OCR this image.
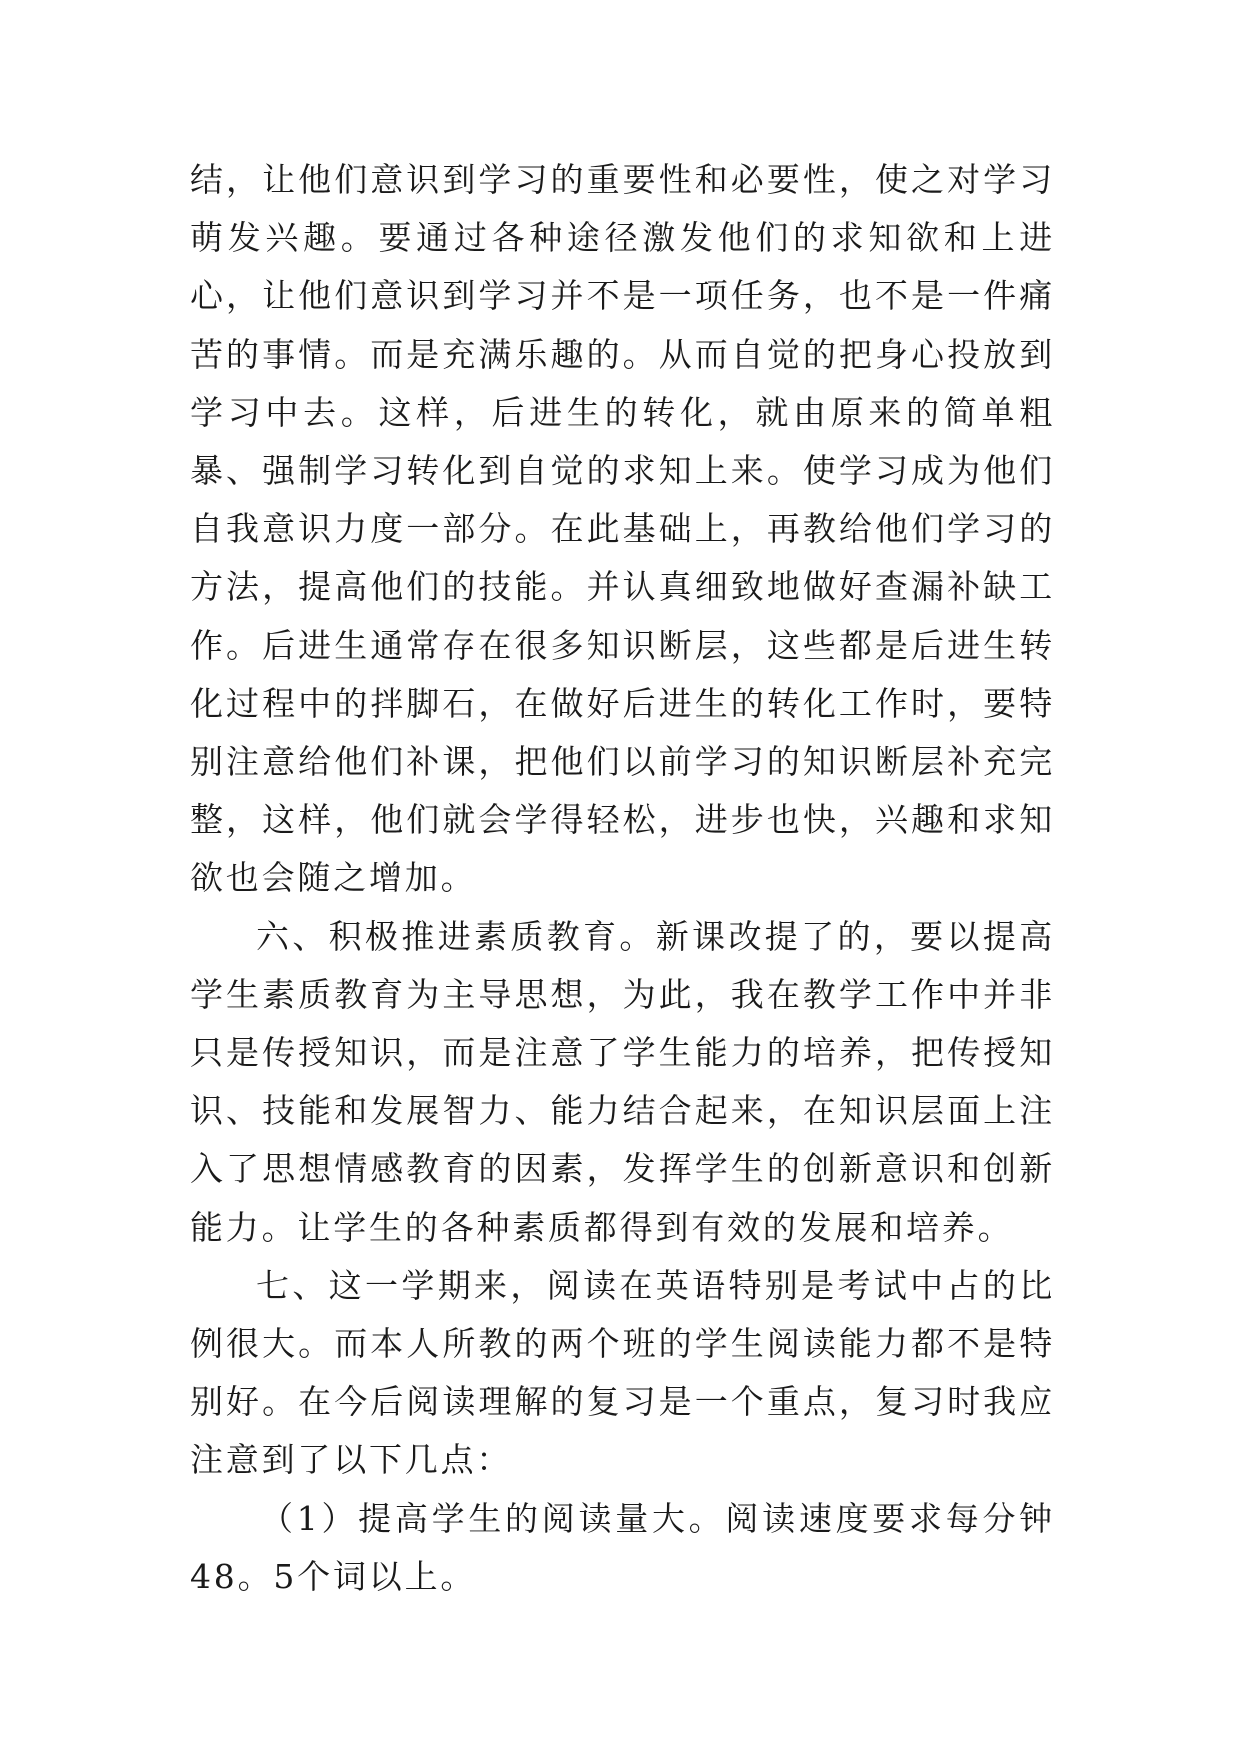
结，让他们意识到学习的重要性和必要性，使之对学习萌发兴趣。要通过各种途径激发他们的求知欲和上进心，让他们意识到学习并不是一项任务，也不是一件痛苦的事情。而是充满乐趣的。从而自觉的把身心投放到学习中去。这样，后进生的转化，就由原来的简单粗暴、强制学习转化到自觉的求知上来。使学习成为他们自我意识力度一部分。在此基础上，再教给他们学习的方法，提高他们的技能。并认真细致地做好查漏补缺工作。后进生通常存在很多知识断层，这些都是后进生转化过程中的拌脚石，在做好后进生的转化工作时，要特别注意给他们补课，把他们以前学习的知识断层补充完整，这样，他们就会学得轻松，进步也快，兴趣和求知欲也会随之增加。

六、积极推进素质教育。新课改提了的，要以提高学生素质教育为主导思想，为此，我在教学工作中并非只是传授知识，而是注意了学生能力的培养，把传授知识、技能和发展智力、能力结合起来，在知识层面上注入了思想情感教育的因素，发挥学生的创新意识和创新能力。让学生的各种素质都得到有效的发展和培养。

七、这一学期来，阅读在英语特别是考试中占的比例很大。而本人所教的两个班的学生阅读能力都不是特别好。在今后阅读理解的复习是一个重点，复习时我应注意到了以下几点：

（1）提高学生的阅读量大。阅读速度要求每分钟48。5个词以上。
